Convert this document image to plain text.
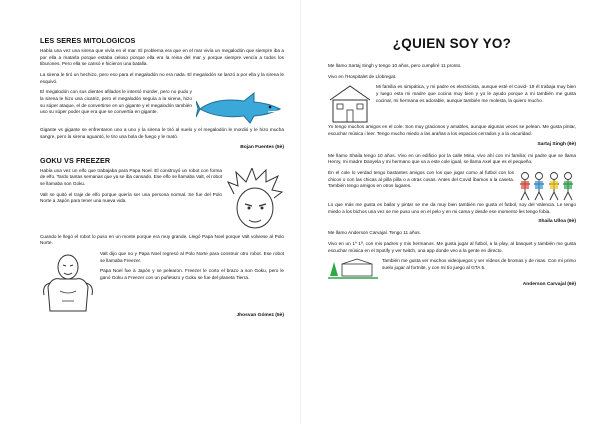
LES SERES MITOLOGICOS

Había una vez una sirena que vivía en el mar. El problema era que en el mar vivía un megalodón que siempre iba a por ella a matarla porque estaba celoso porque ella era la reina del mar y porque siempre vencía a todos los tiburones. Pero ella se cansó e hicieron una batalla.

La sirena le tiró un hechizo, pero eso para el megalodón no era nada. El megalodón se lanzó a por ella y la sirena le esquivó.

El megalodón con sus dientes afilados le intentó morder, pero no pudo y la sirena le hizo una cicatriz, pero el megalodón seguía a la sirena, hizo su súper ataque, el de convertirse en un gigante y el megalodón también uso su súper poder que era que se convertía en gigante.

Gigante vs gigante se enfrentaron uno a uno y la sirena le tiró al suelo y el megalodón le mordió y le hizo mucha sangre, pero la sirena aguantó, le tiro una bola de fuego y le mató.

Bojan Fuentes (5è)
GOKU VS FREEZER

Había una vez un elfo que trabajaba para Papa Noel. El construyó un robot con forma de elfo. Tardo tantas semanas que ya se iba cansado. Ese elfo se llamaba Valt, el robot se llamaba son Goku.

Valt se quitó el traje de elfo porque quería ser una persona normal. Se fue del Polo Norte a Japón para tener una nueva vida.

Cuando le llegó el robot lo puso en un monte porque era muy grande. Llegó Papa Noel porque Valt volviese al Polo Norte.

Valt dijo que no y Papa Noel regresó al Polo Norte para construir otro robot. Ese robot se llamaba Freezer.

Papa Noel fue a Japón y se pelearon. Freezer le corto el brazo a son Goku, pero le ganó Goku a Freezer con un puñetazo y Goku se fue del planeta Tierra.

Jhosvan Gómez (5è)
¿QUIEN SOY YO?

Me llamo Sartaj Singh y tengo 10 años, pero cumpliré 11 pronto.

Vivo en l'Hospitalet de Llobregat.

Mi familia es simpática, y mi padre es electricista, aunque esté el Covid- 19 él trabaja muy bien y luego esta mi madre que cocina muy bien y yo le ayudo porque a mi también me gusta cocinar, mi hermana es adorable, aunque también me molesta, la quiero mucho.

Yo tengo muchos amigos en el cole. Son muy graciosos y amables, aunque algunas veces se pelean. Me gusta pintar, escuchar música i leer. Tengo mucho miedo a las arañas a los espacios cerrados y a la oscuridad.

Sartaj Singh (6è)

Me llamo Shaila tengo 10 años. Vivo en un edificio por la calle Mina, vivo ahí con mi familia; mi padre que se llama Henry, mi madre Danyela y mi hermano que va a este cole igual, se llama Axel que es el pequeño.

En el cole lo verdad tengo bastantes amigos con los que jugar como al futbol con los chicos o con las chicas al pilla pilla o a otras cosas. Antes del Covid íbamos a la caseta. También tengo amigos en otros lugares.

Lo que más me gusta es bailar y pintar se me da muy bien también me gusta el futbol, soy del Valencia. Le tengo miedo a los bichos una vez se me puso uno en el pelo y en mi cama y desde ese momento les tengo fobia.

Shaila Ulloa (6è)

Me llamo Anderson Carvajal. Tengo 11 años.

Vivo en un 1º 1ª, con mis padres y mis hermanos. Me gusta jugar al futbol, a la play, al basquet y también me gusta escuchar música en el Spotify y ver twitch, una app donde veo a la gente en directo.

También me gusta ver muchos videojuegos y ver vídeos de bromas y de risas. Con mi primo suelo jugar al fortnite, y con mi tío juego al GTA 5.

Anderson Carvajal (6è)
